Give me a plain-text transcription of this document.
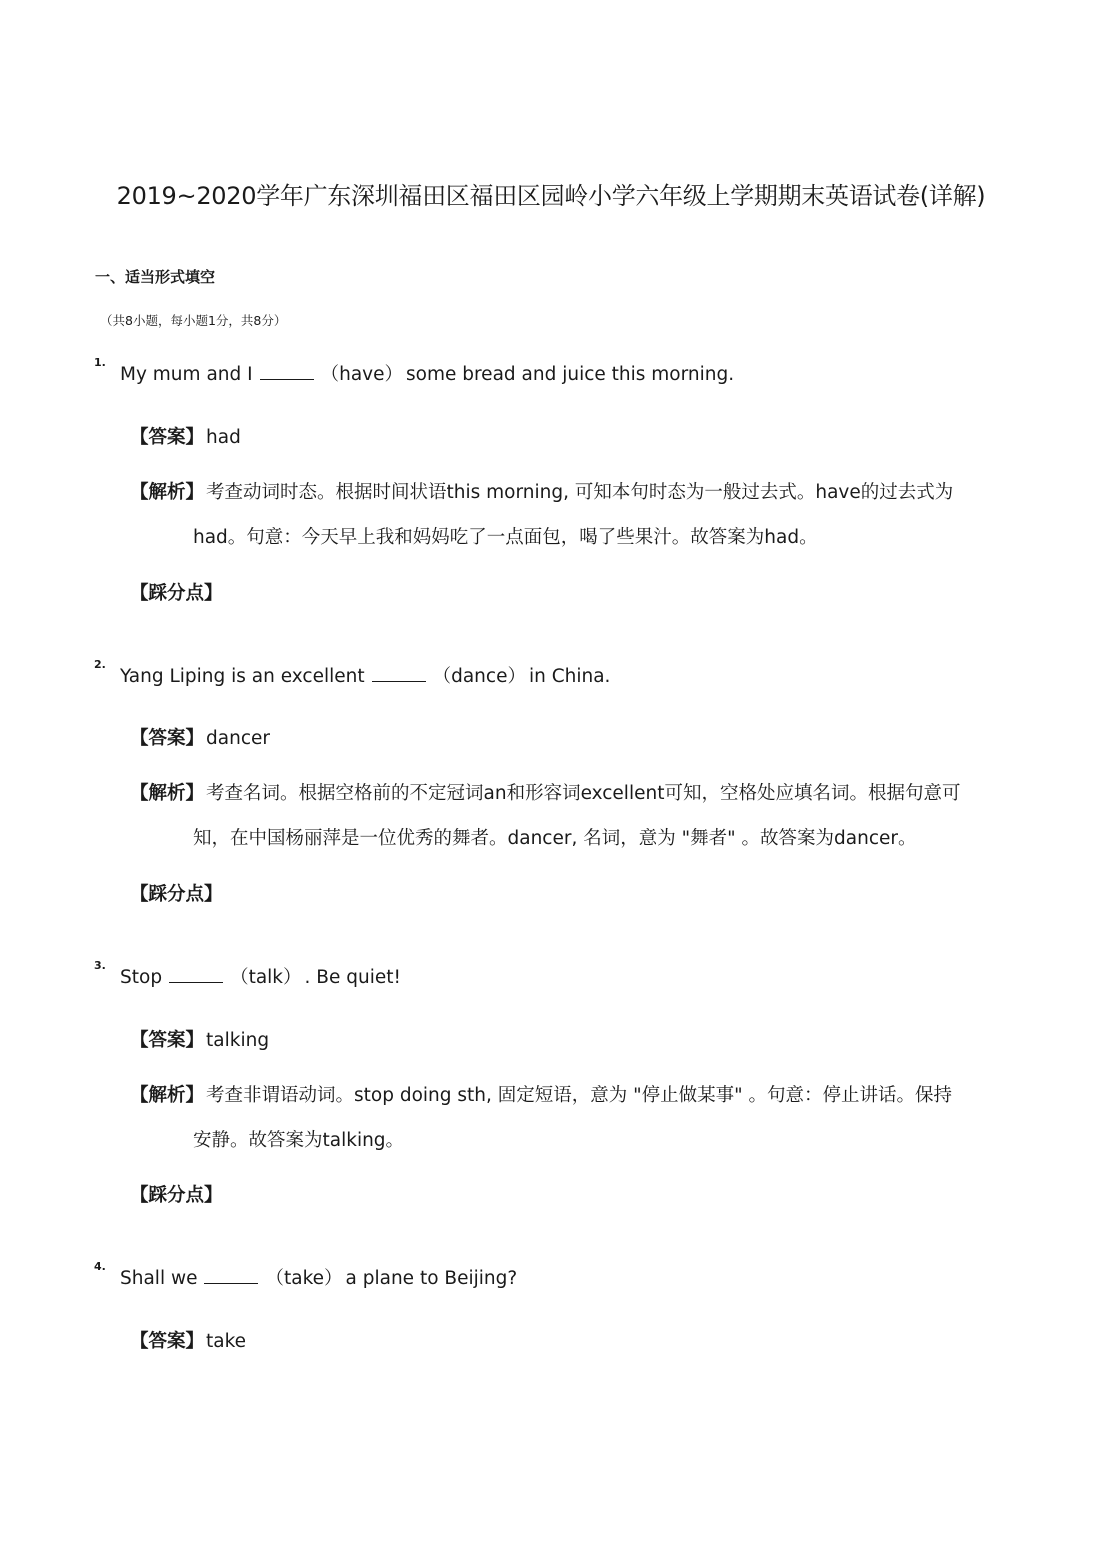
2019~2020学年广东深圳福田区福田区园岭小学六年级上学期期末英语试卷(详解)
一、适当形式填空
（共8小题，每小题1分，共8分）
1.
My mum and I	（have） some bread and juice this morning.
【答案】 had
【解析】 考查动词时态。根据时间状语this morning, 可知本句时态为一般过去式。have的过去式为
had。句意：今天早上我和妈妈吃了一点面包，喝了些果汁。故答案为had。
【踩分点】
2.
Yang Liping is an excellent	（dance） in China.
【答案】 dancer
【解析】 考查名词。根据空格前的不定冠词an和形容词excellent可知，空格处应填名词。根据句意可
知，在中国杨丽萍是一位优秀的舞者。dancer, 名词，意为 "舞者" 。故答案为dancer。
【踩分点】
3.
Stop	（talk） . Be quiet!
【答案】 talking
【解析】 考查非谓语动词。stop doing sth, 固定短语，意为 "停止做某事" 。句意：停止讲话。保持
安静。故答案为talking。
【踩分点】
4.
Shall we	（take） a plane to Beijing?
【答案】 take
